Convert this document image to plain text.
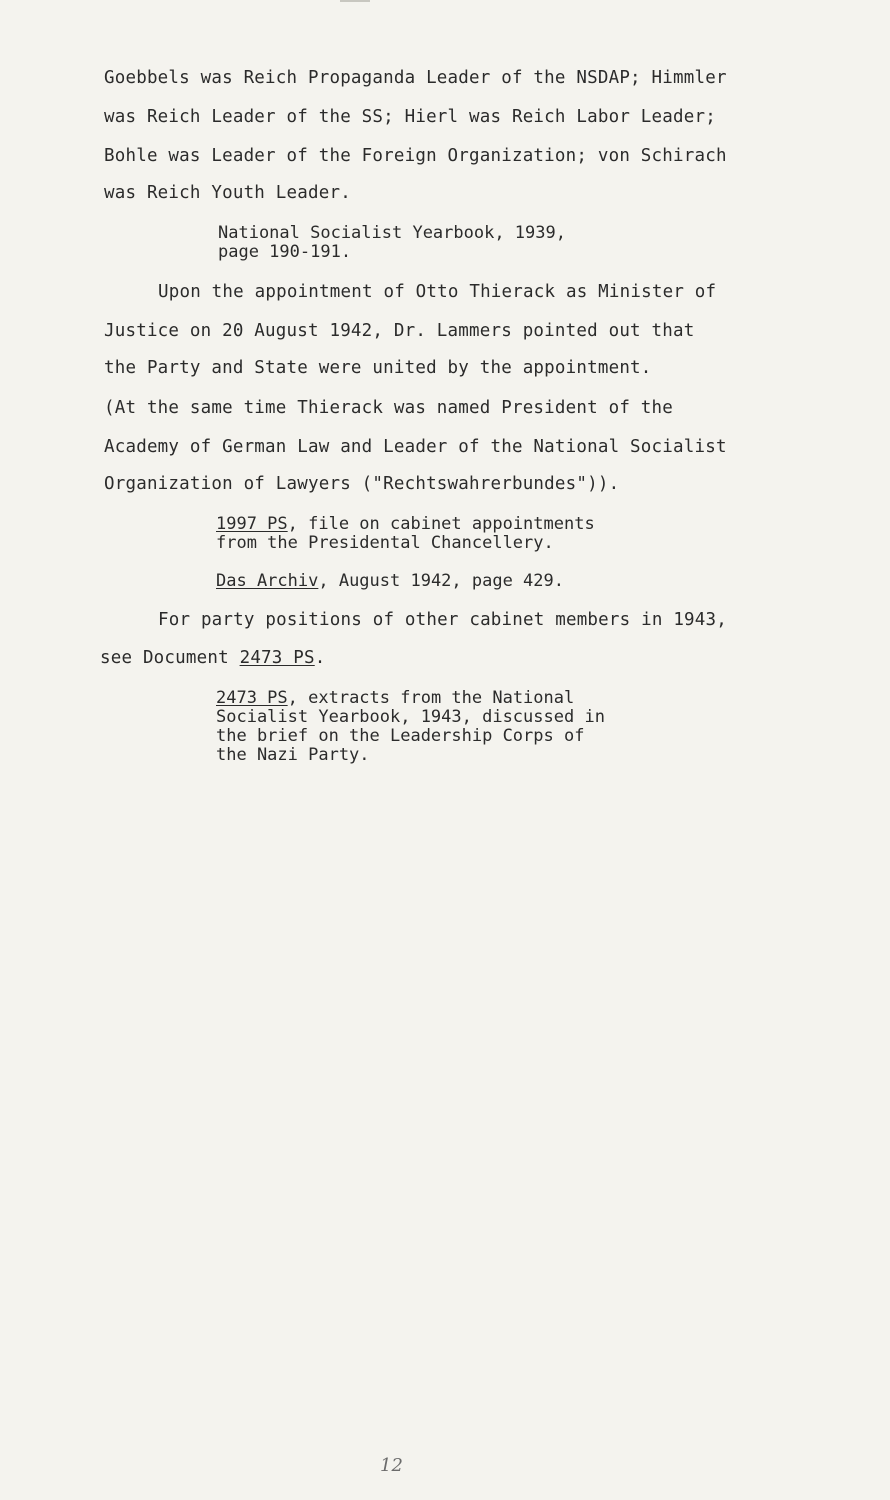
Goebbels was Reich Propaganda Leader of the NSDAP; Himmler
was Reich Leader of the SS; Hierl was Reich Labor Leader;
Bohle was Leader of the Foreign Organization; von Schirach
was Reich Youth Leader.
National Socialist Yearbook, 1939,
page 190-191.
Upon the appointment of Otto Thierack as Minister of
Justice on 20 August 1942, Dr. Lammers pointed out that
the Party and State were united by the appointment.
(At the same time Thierack was named President of the
Academy of German Law and Leader of the National Socialist
Organization of Lawyers ("Rechtswahrerbundes")).
1997 PS, file on cabinet appointments
from the Presidental Chancellery.
Das Archiv, August 1942, page 429.
For party positions of other cabinet members in 1943,
see Document 2473 PS.
2473 PS, extracts from the National
Socialist Yearbook, 1943, discussed in
the brief on the Leadership Corps of
the Nazi Party.
12
